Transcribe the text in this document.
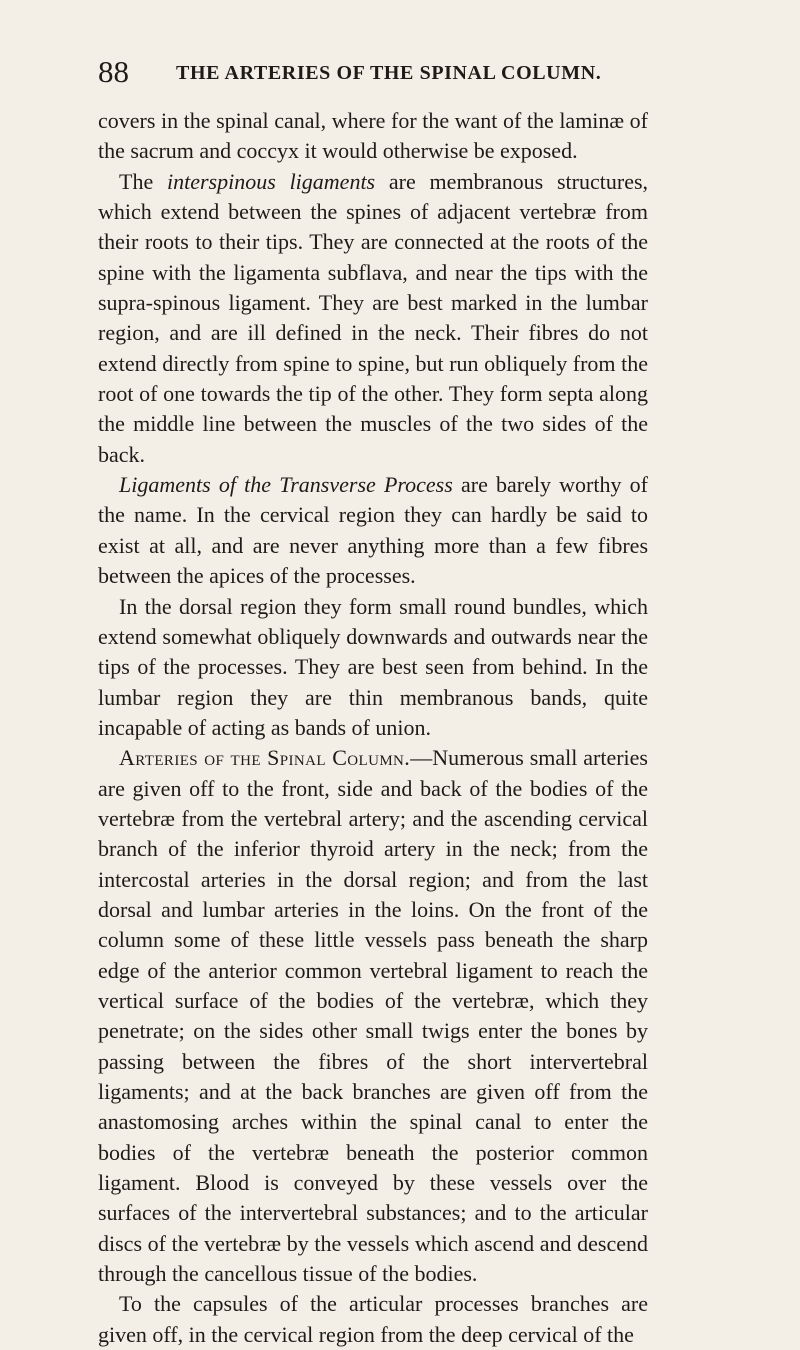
88 THE ARTERIES OF THE SPINAL COLUMN.

covers in the spinal canal, where for the want of the laminæ of the sacrum and coccyx it would otherwise be exposed.

The interspinous ligaments are membranous structures, which extend between the spines of adjacent vertebræ from their roots to their tips. They are connected at the roots of the spine with the ligamenta subflava, and near the tips with the supra-spinous ligament. They are best marked in the lumbar region, and are ill defined in the neck. Their fibres do not extend directly from spine to spine, but run obliquely from the root of one towards the tip of the other. They form septa along the middle line between the muscles of the two sides of the back.

Ligaments of the Transverse Process are barely worthy of the name. In the cervical region they can hardly be said to exist at all, and are never anything more than a few fibres between the apices of the processes.

In the dorsal region they form small round bundles, which extend somewhat obliquely downwards and outwards near the tips of the processes. They are best seen from behind. In the lumbar region they are thin membranous bands, quite incapable of acting as bands of union.

Arteries of the Spinal Column.—Numerous small arteries are given off to the front, side and back of the bodies of the vertebræ from the vertebral artery; and the ascending cervical branch of the inferior thyroid artery in the neck; from the intercostal arteries in the dorsal region; and from the last dorsal and lumbar arteries in the loins. On the front of the column some of these little vessels pass beneath the sharp edge of the anterior common vertebral ligament to reach the vertical surface of the bodies of the vertebræ, which they penetrate; on the sides other small twigs enter the bones by passing between the fibres of the short intervertebral ligaments; and at the back branches are given off from the anastomosing arches within the spinal canal to enter the bodies of the vertebræ beneath the posterior common ligament. Blood is conveyed by these vessels over the surfaces of the intervertebral substances; and to the articular discs of the vertebræ by the vessels which ascend and descend through the cancellous tissue of the bodies.

To the capsules of the articular processes branches are given off, in the cervical region from the deep cervical of the
